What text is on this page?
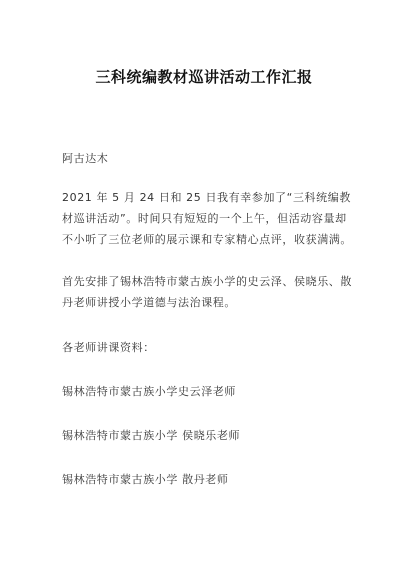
三科统编教材巡讲活动工作汇报
阿古达木
2021 年 5 月 24 日和 25 日我有幸参加了“三科统编教材巡讲活动”。时间只有短短的一个上午，但活动容量却不小听了三位老师的展示课和专家精心点评，收获满满。
首先安排了锡林浩特市蒙古族小学的史云泽、侯晓乐、散丹老师讲授小学道德与法治课程。
各老师讲课资料：
锡林浩特市蒙古族小学史云泽老师
锡林浩特市蒙古族小学 侯晓乐老师
锡林浩特市蒙古族小学 散丹老师
